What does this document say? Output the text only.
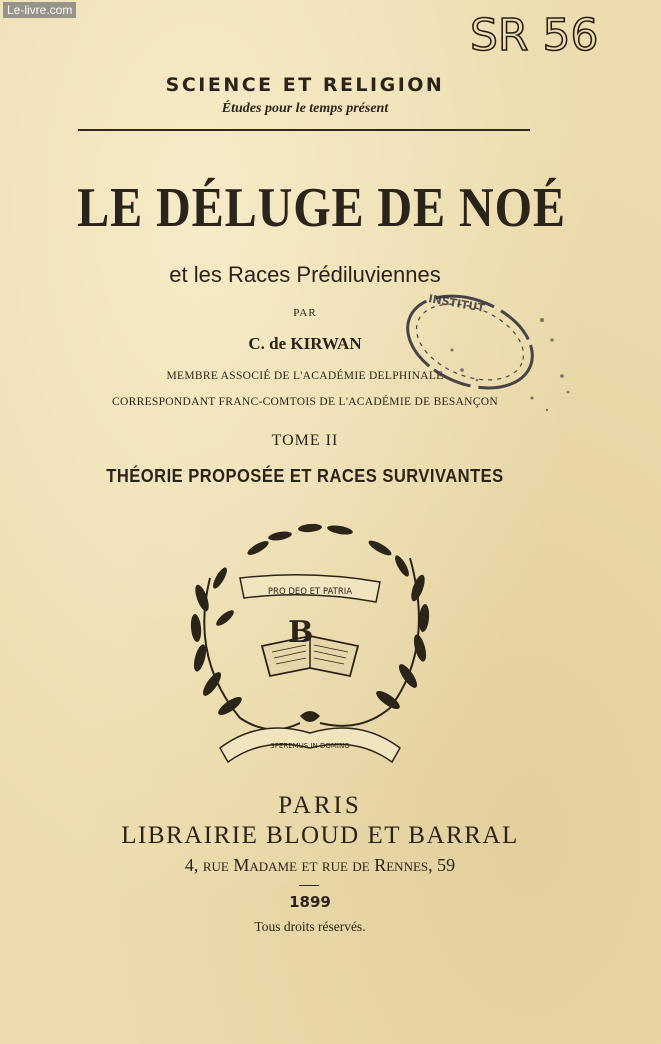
Le-livre.com	SR 56
SCIENCE ET RELIGION
Études pour le temps présent
LE DÉLUGE DE NOÉ
et les Races Prédiluviennes
PAR
C. de KIRWAN
MEMBRE ASSOCIÉ DE L'ACADÉMIE DELPHINALE
CORRESPONDANT FRANC-COMTOIS DE L'ACADÉMIE DE BESANÇON
TOME II
THÉORIE PROPOSÉE ET RACES SURVIVANTES
INSTITUT
PRO DEO ET PATRIA
B
SPEREMUS IN DOMINO
PARIS
LIBRAIRIE BLOUD ET BARRAL
4, rue Madame et rue de Rennes, 59
1899
Tous droits réservés.
